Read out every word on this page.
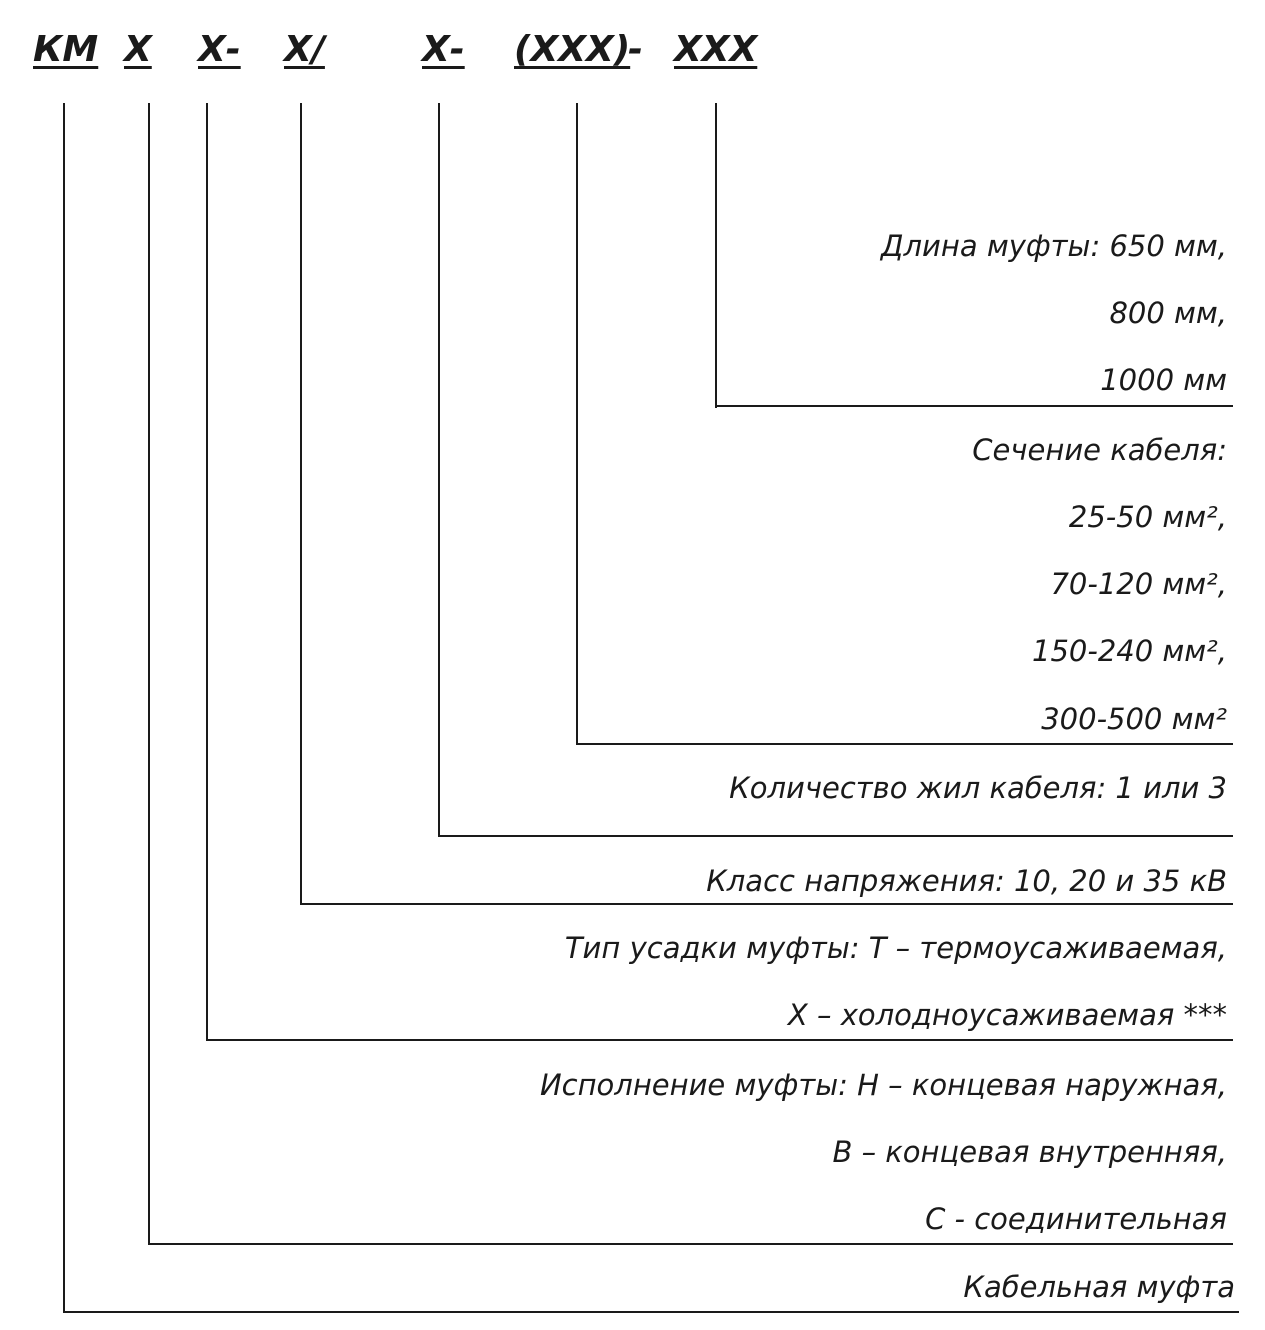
КМ Х Х- Х/	Х- (ХХХ)
- ХХХ
Длина муфты: 650 мм,
800 мм,
1000 мм
Сечение кабеля:
25-50 мм²,
70-120 мм²,
150-240 мм²,
300-500 мм²
Количество жил кабеля: 1 или 3
Класс напряжения: 10, 20 и 35 кВ
Тип усадки муфты: Т – термоусаживаемая,
Х – холодноусаживаемая ***
Исполнение муфты: Н – концевая наружная,
В – концевая внутренняя,
С - соединительная
Кабельная муфта
